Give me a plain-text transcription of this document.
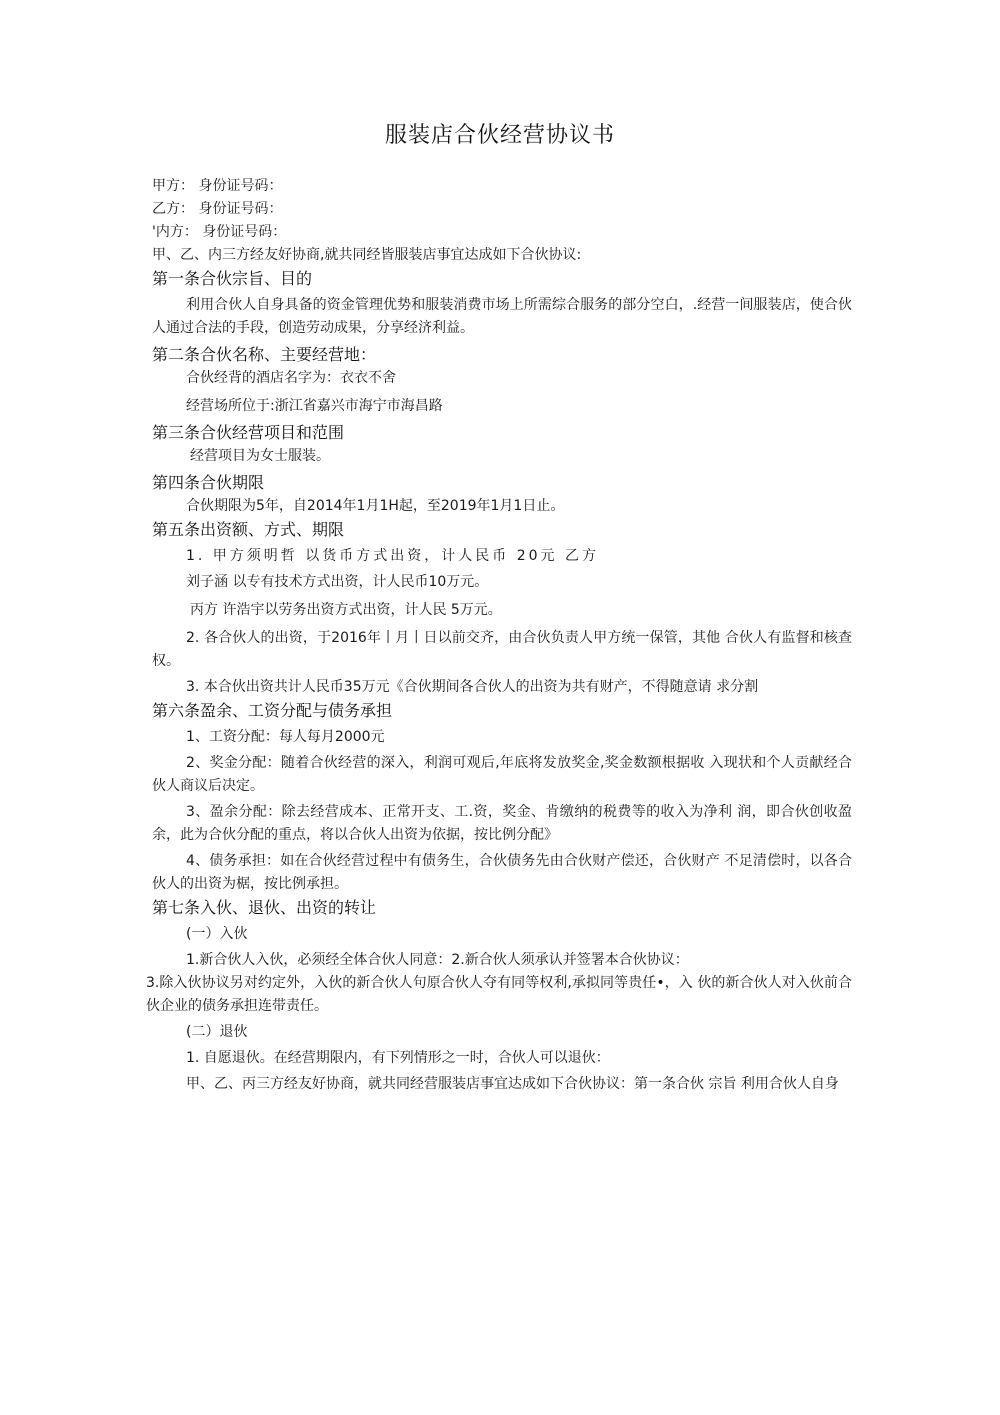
服装店合伙经营协议书
甲方： 身份证号码：
乙方： 身份证号码：
'内方： 身份证号码：
甲、乙、内三方经友好协商,就共同经皆服装店事宜达成如下合伙协议:
第一条合伙宗旨、目的
利用合伙人自身具备的资金管理优势和服装消费市场上所需综合服务的部分空白，.经营一间服装店，使合伙人通过合法的手段，创造劳动成果，分享经济利益。
第二条合伙名称、主要经营地：
合伙经背的酒店名字为：衣衣不舍
经营场所位于:浙江省嘉兴市海宁市海昌路
第三条合伙经营项目和范围
经营项目为女士服装。
第四条合伙期限
合伙期限为5年，自2014年1月1H起，至2019年1月1日止。
第五条出资额、方式、期限
1. 甲方须明哲 以货币方式出资，计人民币 20元 乙方
刘子涵 以专有技术方式出资，计人民币10万元。
丙方 许浩宇以劳务出资方式出资，计人民 5万元。
2. 各合伙人的出资，于2016年丨月丨日以前交齐，由合伙负责人甲方统一保管，其他 合伙人有监督和核查权。
3. 本合伙出资共计人民币35万元《合伙期间各合伙人的出资为共有财产，不得随意请 求分割
第六条盈余、工资分配与债务承担
1、工资分配：每人每月2000元
2、奖金分配：随着合伙经营的深入，利润可观后,年底将发放奖金,奖金数额根据收 入现状和个人贡献经合伙人商议后决定。
3、盈余分配：除去经营成本、正常开支、工.资，奖金、肯缴纳的税费等的收入为净利 润，即合伙创收盈余，此为合伙分配的重点，将以合伙人出资为依据，按比例分配》
4、债务承担：如在合伙经营过程中有债务生，合伙债务先由合伙财产偿还，合伙财产 不足清偿时，以各合伙人的出资为椐，按比例承担。
第七条入伙、退伙、出资的转让
(一）入伙
1.新合伙人入伙，必须经全体合伙人同意：2.新合伙人须承认并签署本合伙协议：
3.除入伙协议另对约定外，入伙的新合伙人句原合伙人夺有同等权利,承拟同等贵任•，入 伙的新合伙人对入伙前合伙企业的债务承担连带责任。
(二）退伙
1. 自愿退伙。在经营期限内，有下列情形之一时，合伙人可以退伙：
甲、乙、丙三方经友好协商，就共同经营服装店事宜达成如下合伙协议：第一条合伙 宗旨 利用合伙人自身
